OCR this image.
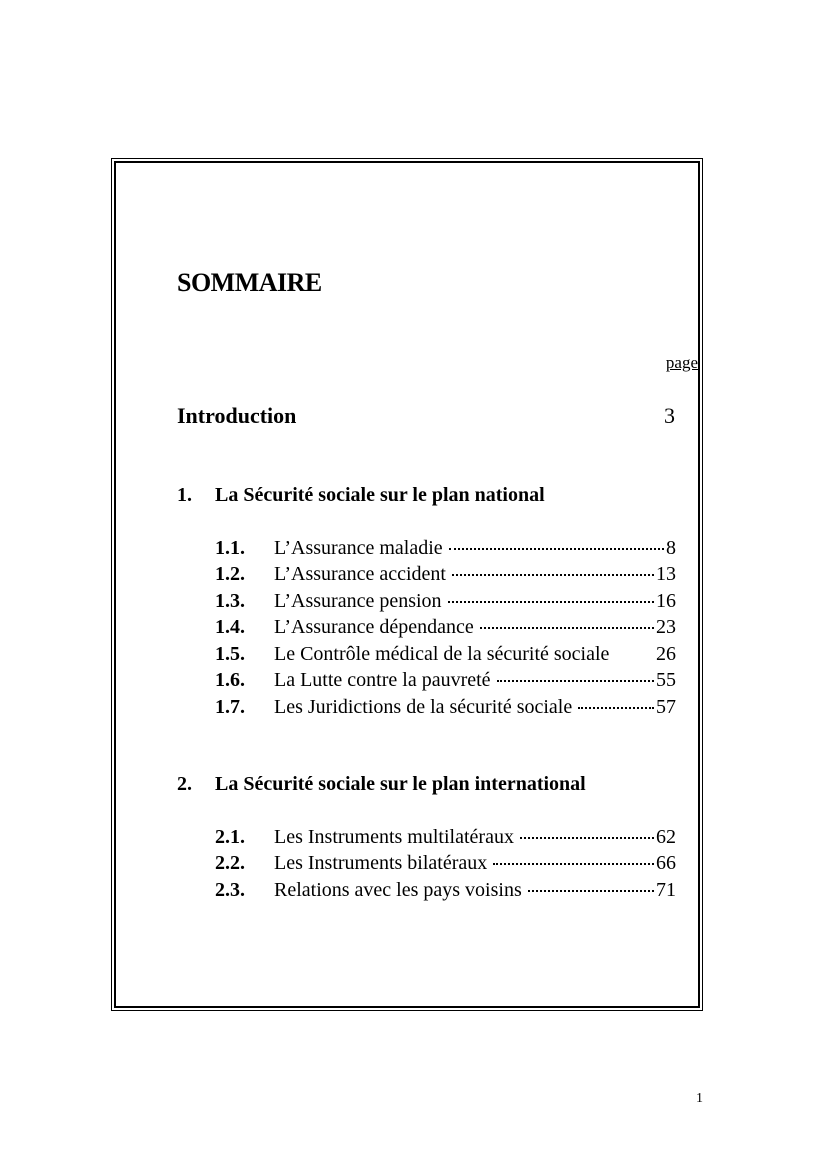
SOMMAIRE
page
Introduction	3
1. La Sécurité sociale sur le plan national
1.1.	L’Assurance maladie	8
1.2.	L’Assurance accident	13
1.3.	L’Assurance pension	16
1.4.	L’Assurance dépendance	23
1.5.	Le Contrôle médical de la sécurité sociale 26
1.6.	La Lutte contre la pauvreté	55
1.7.	Les Juridictions de la sécurité sociale	57
2. La Sécurité sociale sur le plan international
2.1.	Les Instruments multilatéraux	62
2.2.	Les Instruments bilatéraux	66
2.3.	Relations avec les pays voisins	71
1
